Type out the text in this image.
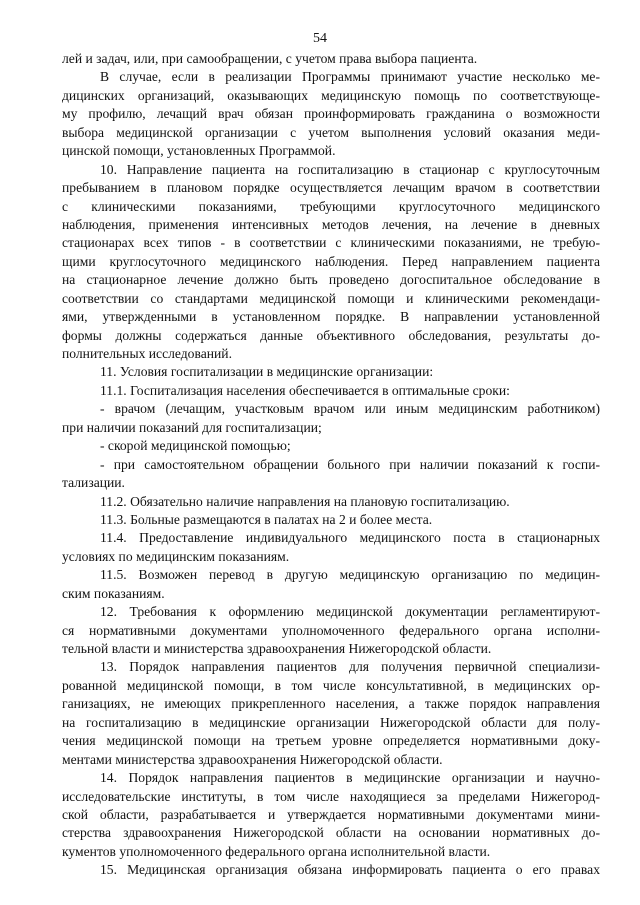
54
лей и задач, или, при самообращении, с учетом права выбора пациента.
В случае, если в реализации Программы принимают участие несколько ме-
дицинских организаций, оказывающих медицинскую помощь по соответствующе-
му профилю, лечащий врач обязан проинформировать гражданина о возможности
выбора медицинской организации с учетом выполнения условий оказания меди-
цинской помощи, установленных Программой.
10. Направление пациента на госпитализацию в стационар с круглосуточным
пребыванием в плановом порядке осуществляется лечащим врачом в соответствии
с клиническими показаниями, требующими круглосуточного медицинского
наблюдения, применения интенсивных методов лечения, на лечение в дневных
стационарах всех типов - в соответствии с клиническими показаниями, не требую-
щими круглосуточного медицинского наблюдения. Перед направлением пациента
на стационарное лечение должно быть проведено догоспитальное обследование в
соответствии со стандартами медицинской помощи и клиническими рекомендаци-
ями, утвержденными в установленном порядке. В направлении установленной
формы должны содержаться данные объективного обследования, результаты до-
полнительных исследований.
11. Условия госпитализации в медицинские организации:
11.1. Госпитализация населения обеспечивается в оптимальные сроки:
- врачом (лечащим, участковым врачом или иным медицинским работником)
при наличии показаний для госпитализации;
- скорой медицинской помощью;
- при самостоятельном обращении больного при наличии показаний к госпи-
тализации.
11.2. Обязательно наличие направления на плановую госпитализацию.
11.3. Больные размещаются в палатах на 2 и более места.
11.4. Предоставление индивидуального медицинского поста в стационарных
условиях по медицинским показаниям.
11.5. Возможен перевод в другую медицинскую организацию по медицин-
ским показаниям.
12. Требования к оформлению медицинской документации регламентируют-
ся нормативными документами уполномоченного федерального органа исполни-
тельной власти и министерства здравоохранения Нижегородской области.
13. Порядок направления пациентов для получения первичной специализи-
рованной медицинской помощи, в том числе консультативной, в медицинских ор-
ганизациях, не имеющих прикрепленного населения, а также порядок направления
на госпитализацию в медицинские организации Нижегородской области для полу-
чения медицинской помощи на третьем уровне определяется нормативными доку-
ментами министерства здравоохранения Нижегородской области.
14. Порядок направления пациентов в медицинские организации и научно-
исследовательские институты, в том числе находящиеся за пределами Нижегород-
ской области, разрабатывается и утверждается нормативными документами мини-
стерства здравоохранения Нижегородской области на основании нормативных до-
кументов уполномоченного федерального органа исполнительной власти.
15. Медицинская организация обязана информировать пациента о его правах
